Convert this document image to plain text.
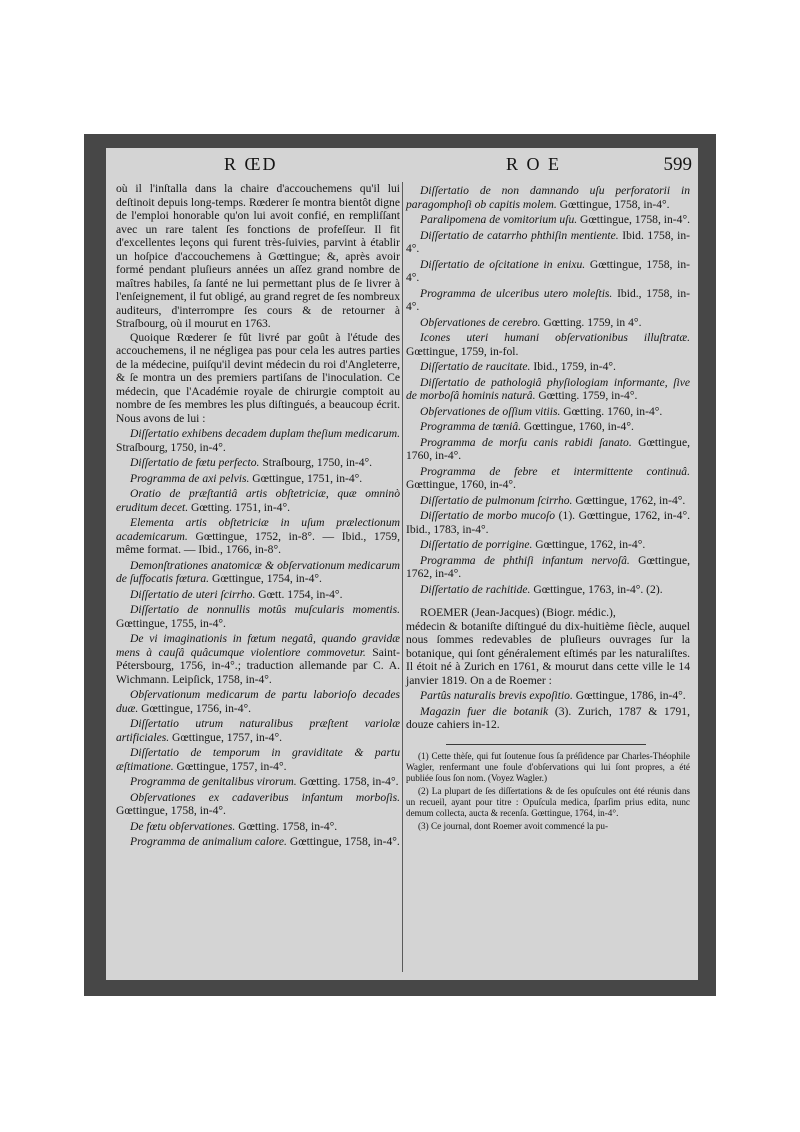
R ŒD	R O E	599

où il l'inſtalla dans la chaire d'accouchemens qu'il lui deſtinoit depuis long-temps. Rœderer ſe montra bientôt digne de l'emploi honorable qu'on lui avoit confié, en rempliſſant avec un rare talent ſes fonctions de profeſſeur. Il fit d'excellentes leçons qui furent très-ſuivies, parvint à établir un hoſpice d'accouchemens à Gœttingue; &, après avoir formé pendant pluſieurs années un aſſez grand nombre de maîtres habiles, ſa ſanté ne lui permettant plus de ſe livrer à l'enſeignement, il fut obligé, au grand regret de ſes nombreux auditeurs, d'interrompre ſes cours & de retourner à Straſbourg, où il mourut en 1763.

Quoique Rœderer ſe fût livré par goût à l'étude des accouchemens, il ne négligea pas pour cela les autres parties de la médecine, puiſqu'il devint médecin du roi d'Angleterre, & ſe montra un des premiers partiſans de l'inoculation. Ce médecin, que l'Académie royale de chirurgie comptoit au nombre de ſes membres les plus diſtingués, a beaucoup écrit. Nous avons de lui :

Diſſertatio exhibens decadem duplam theſium medicarum. Straſbourg, 1750, in-4°.

Diſſertatio de fœtu perfecto. Straſbourg, 1750, in-4°.

Programma de axi pelvis. Gœttingue, 1751, in-4°.

Oratio de præſtantiâ artis obſtetriciæ, quæ omninò eruditum decet. Gœtting. 1751, in-4°.

Elementa artis obſtetriciæ in uſum prælectionum academicarum. Gœttingue, 1752, in-8°. — Ibid., 1759, même format. — Ibid., 1766, in-8°.

Demonſtrationes anatomicæ & obſervationum medicarum de ſuffocatis fœtura. Gœttingue, 1754, in-4°.

Diſſertatio de uteri ſcirrho. Gœtt. 1754, in-4°.

Diſſertatio de nonnullis motûs muſcularis momentis. Gœttingue, 1755, in-4°.

De vi imaginationis in fœtum negatâ, quando gravidæ mens à cauſâ quâcumque violentiore commovetur. Saint-Pétersbourg, 1756, in-4°.; traduction allemande par C. A. Wichmann. Leipſick, 1758, in-4°.

Obſervationum medicarum de partu laborioſo decades duæ. Gœttingue, 1756, in-4°.

Diſſertatio utrum naturalibus præſtent variolæ artificiales. Gœttingue, 1757, in-4°.

Diſſertatio de temporum in graviditate & partu æſtimatione. Gœttingue, 1757, in-4°.

Programma de genitalibus virorum. Gœtting. 1758, in-4°.

Obſervationes ex cadaveribus infantum morboſis. Gœttingue, 1758, in-4°.

De fœtu obſervationes. Gœtting. 1758, in-4°.

Programma de animalium calore. Gœttingue, 1758, in-4°.

Diſſertatio de non damnando uſu perforatorii in paragomphoſi ob capitis molem. Gœttingue, 1758, in-4°.

Paralipomena de vomitorium uſu. Gœttingue, 1758, in-4°.

Diſſertatio de catarrho phthiſin mentiente. Ibid. 1758, in-4°.

Diſſertatio de oſcitatione in enixu. Gœttingue, 1758, in-4°.

Programma de ulceribus utero moleſtis. Ibid., 1758, in-4°.

Obſervationes de cerebro. Gœtting. 1759, in 4°.

Icones uteri humani obſervationibus illuſtratæ. Gœttingue, 1759, in-fol.

Diſſertatio de raucitate. Ibid., 1759, in-4°.

Diſſertatio de pathologiâ phyſiologiam informante, ſive de morboſâ hominis naturâ. Gœtting. 1759, in-4°.

Obſervationes de oſſium vitiis. Gœtting. 1760, in-4°.

Programma de tœniâ. Gœttingue, 1760, in-4°.

Programma de morſu canis rabidi ſanato. Gœttingue, 1760, in-4°.

Programma de febre et intermittente continuâ. Gœttingue, 1760, in-4°.

Diſſertatio de pulmonum ſcirrho. Gœttingue, 1762, in-4°.

Diſſertatio de morbo mucoſo (1). Gœttingue, 1762, in-4°. Ibid., 1783, in-4°.

Diſſertatio de porrigine. Gœttingue, 1762, in-4°.

Programma de phthiſi infantum nervoſâ. Gœttingue, 1762, in-4°.

Diſſertatio de rachitide. Gœttingue, 1763, in-4°. (2).

ROEMER (Jean-Jacques) (Biogr. médic.),

médecin & botaniſte diſtingué du dix-huitième ſiècle, auquel nous ſommes redevables de pluſieurs ouvrages ſur la botanique, qui ſont généralement eſtimés par les naturaliſtes. Il étoit né à Zurich en 1761, & mourut dans cette ville le 14 janvier 1819. On a de Roemer :

Partûs naturalis brevis expoſitio. Gœttingue, 1786, in-4°.

Magazin fuer die botanik (3). Zurich, 1787 & 1791, douze cahiers in-12.

(1) Cette thèſe, qui fut ſoutenue ſous ſa préſidence par Charles-Théophile Wagler, renfermant une foule d'obſervations qui lui ſont propres, a été publiée ſous ſon nom. (Voyez Wagler.)

(2) La plupart de ſes diſſertations & de ſes opuſcules ont été réunis dans un recueil, ayant pour titre : Opuſcula medica, ſparſim prius edita, nunc demum collecta, aucta & recenſa. Gœttingue, 1764, in-4°.

(3) Ce journal, dont Roemer avoit commencé la pu-
